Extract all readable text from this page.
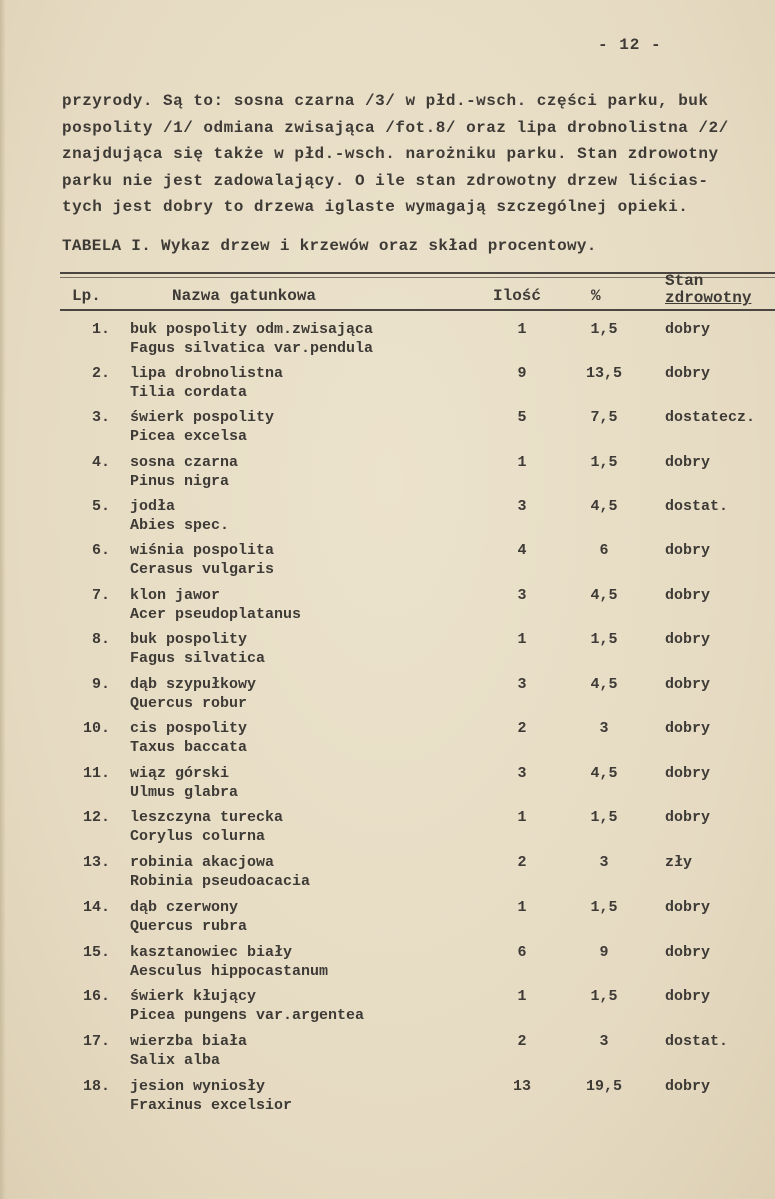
- 12 -
przyrody. Są to: sosna czarna /3/ w płd.-wsch. części parku, buk
pospolity /1/ odmiana zwisająca /fot.8/ oraz lipa drobnolistna /2/
znajdująca się także w płd.-wsch. narożniku parku. Stan zdrowotny
parku nie jest zadowalający. O ile stan zdrowotny drzew liścias-
tych jest dobry to drzewa iglaste wymagają szczególnej opieki.
TABELA I. Wykaz drzew i krzewów oraz skład procentowy.
Lp.	Nazwa gatunkowa	Ilość	%
Stan
zdrowotny
1. buk pospolity odm.zwisająca
Fagus silvatica var.pendula
1	1,5	dobry
2. lipa drobnolistna
Tilia cordata
9	13,5	dobry
3. świerk pospolity
Picea excelsa
5	7,5	dostatecz.
4. sosna czarna
Pinus nigra
1	1,5	dobry
5. jodła
Abies spec.
3	4,5	dostat.
6. wiśnia pospolita
Cerasus vulgaris
4	6	dobry
7. klon jawor
Acer pseudoplatanus
3	4,5	dobry
8. buk pospolity
Fagus silvatica
1	1,5	dobry
9. dąb szypułkowy
Quercus robur
3	4,5	dobry
10. cis pospolity
Taxus baccata
2	3	dobry
11. wiąz górski
Ulmus glabra
3	4,5	dobry
12. leszczyna turecka
Corylus colurna
1	1,5	dobry
13. robinia akacjowa
Robinia pseudoacacia
2	3	zły
14. dąb czerwony
Quercus rubra
1	1,5	dobry
15. kasztanowiec biały
Aesculus hippocastanum
6	9	dobry
16. świerk kłujący
Picea pungens var.argentea
1	1,5	dobry
17. wierzba biała
Salix alba
2	3	dostat.
18. jesion wyniosły
Fraxinus excelsior
13	19,5	dobry
